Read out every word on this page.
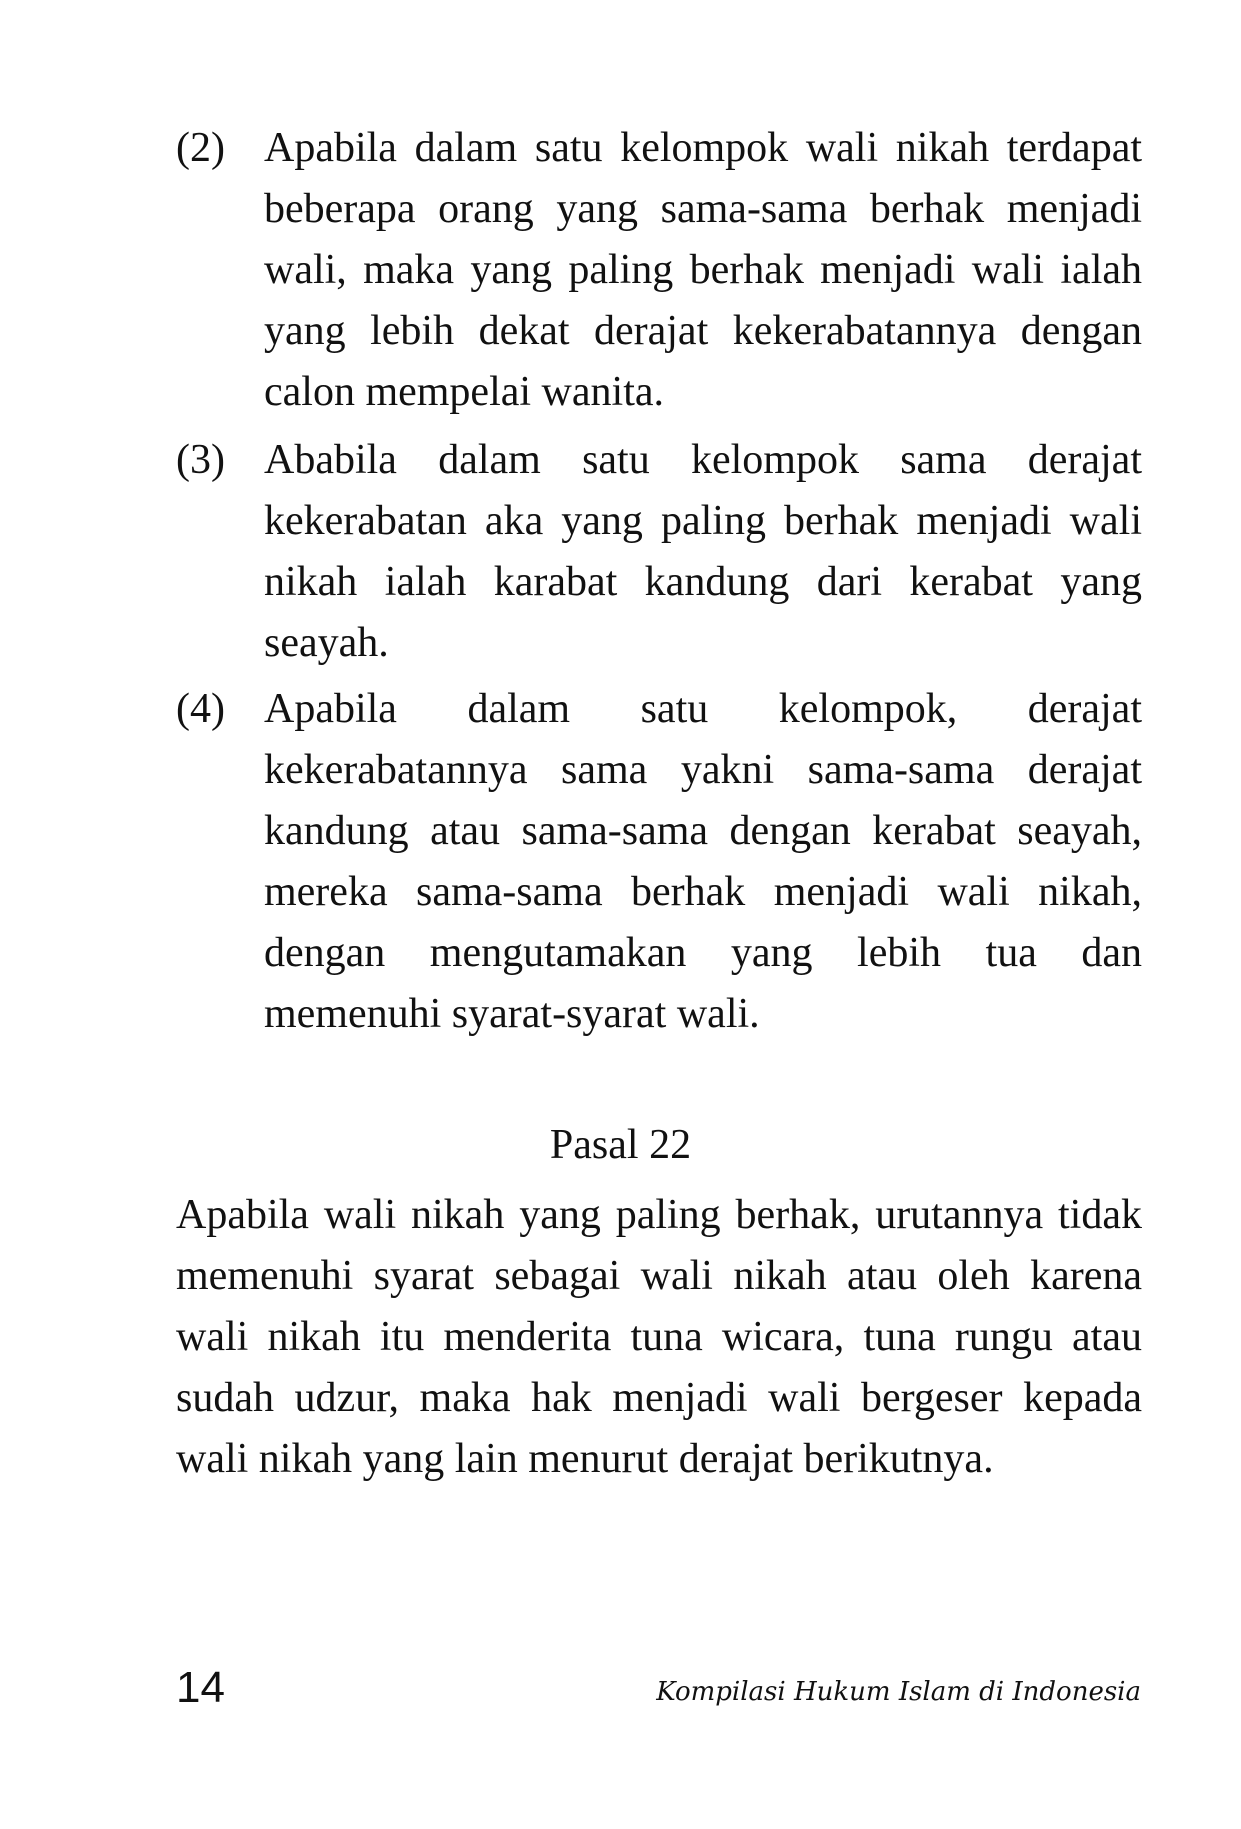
(2) Apabila dalam satu kelompok wali nikah terdapat beberapa orang yang sama-sama berhak menjadi wali, maka yang paling berhak menjadi wali ialah yang lebih dekat derajat kekerabatannya dengan calon mempelai wanita.

(3) Ababila dalam satu kelompok sama derajat kekerabatan aka yang paling berhak menjadi wali nikah ialah karabat kandung dari kerabat yang seayah.

(4) Apabila dalam satu kelompok, derajat kekerabatannya sama yakni sama-sama derajat kandung atau sama-sama dengan kerabat seayah, mereka sama-sama berhak menjadi wali nikah, dengan mengutamakan yang lebih tua dan memenuhi syarat-syarat wali.

Pasal 22

Apabila wali nikah yang paling berhak, urutannya tidak memenuhi syarat sebagai wali nikah atau oleh karena wali nikah itu menderita tuna wicara, tuna rungu atau sudah udzur, maka hak menjadi wali bergeser kepada wali nikah yang lain menurut derajat berikutnya.

14	Kompilasi Hukum Islam di Indonesia
